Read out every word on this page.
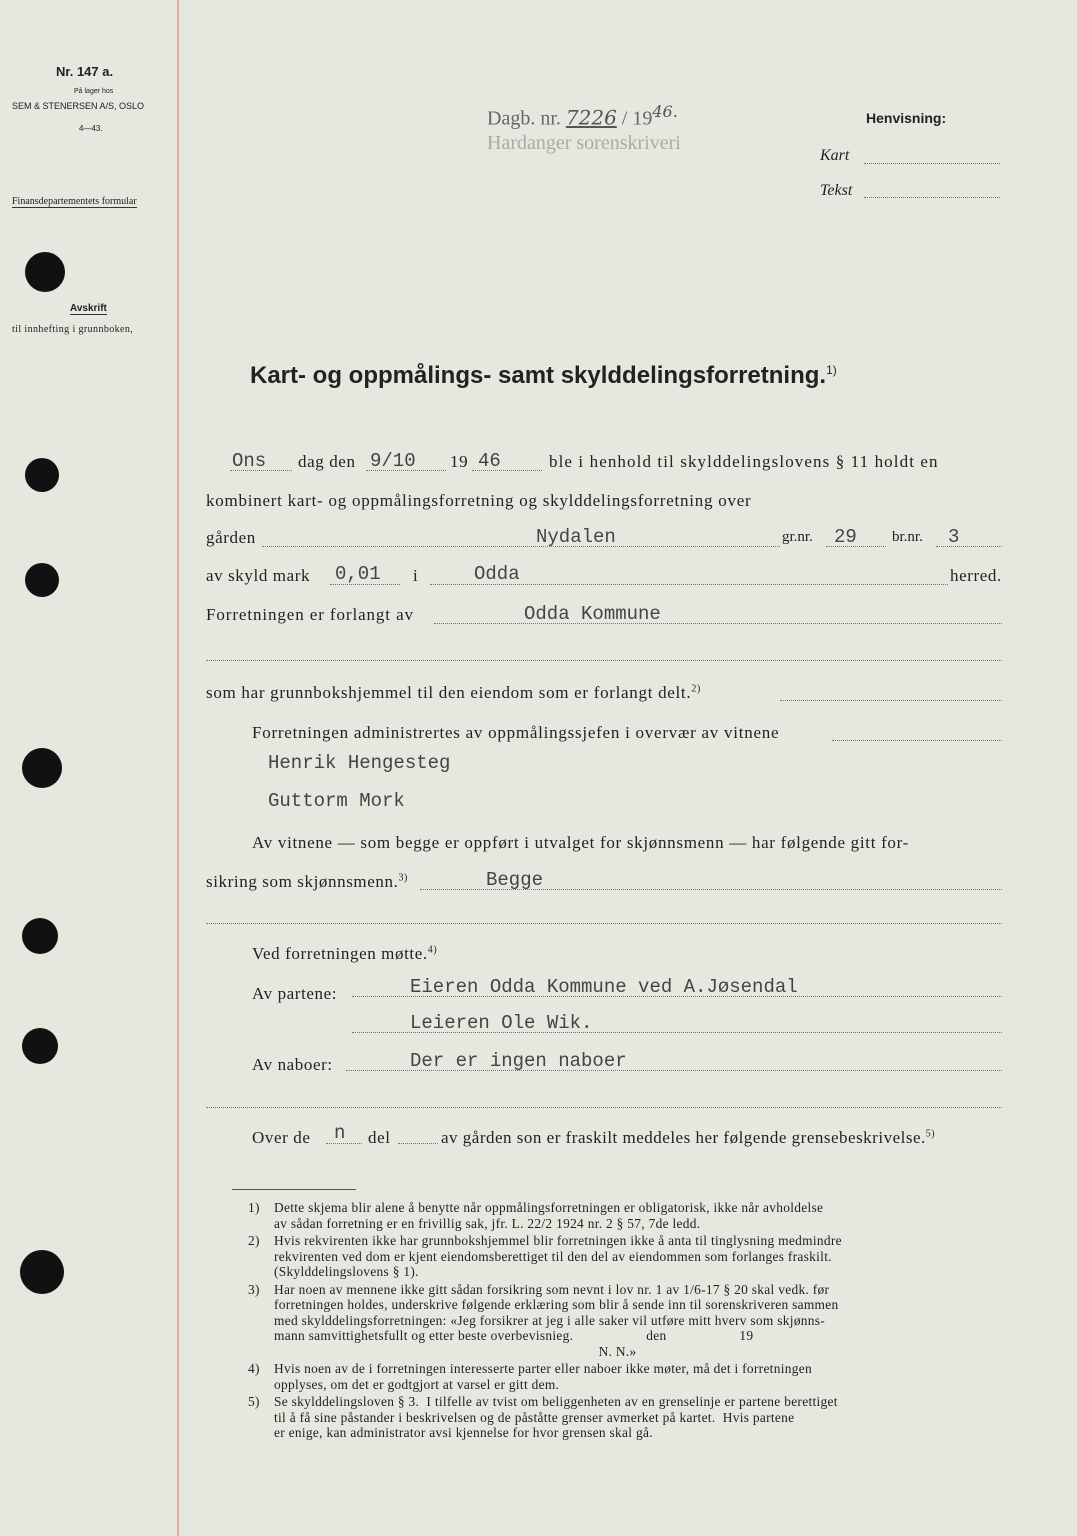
Nr. 147 a.
På lager hos
SEM & STENERSEN A/S, OSLO
4—43.
Finansdepartementets formular
Avskrift
til innhefting i grunnboken,
Dagb. nr. $7226 / 19^{46.}$
Hardanger sorenskriveri
Henvisning:
Kart
Tekst
Kart- og oppmålings- samt skylddelingsforretning.$^{1)}$
Ons dag den 9/10 19 46	ble i henhold til skylddelingslovens § 11 holdt en
kombinert kart- og oppmålingsforretning og skylddelingsforretning over
gården	Nydalen	gr.nr. 29 br.nr. 3
av skyld mark 0,01 i	Odda	herred.
Forretningen er forlangt av	Odda Kommune
som har grunnbokshjemmel til den eiendom som er forlangt delt.$^{2)}$
Forretningen administrertes av oppmålingssjefen i overvær av vitnene
Henrik Hengesteg
Guttorm Mork
Av vitnene — som begge er oppført i utvalget for skjønnsmenn — har følgende gitt for-
sikring som skjønnsmenn.$^{3)}$	Begge
Ved forretningen møtte.$^{4)}$
Av partene:	Eieren Odda Kommune ved A.Jøsendal
Leieren Ole Wik.
Av naboer:	Der er ingen naboer
Over de n del	av gården son er fraskilt meddeles her følgende grensebeskrivelse.$^{5)}$
1)	Dette skjema blir alene å benytte når oppmålingsforretningen er obligatorisk, ikke når avholdelse
av sådan forretning er en frivillig sak, jfr. L. 22/2 1924 nr. 2 § 57, 7de ledd.
2)	Hvis rekvirenten ikke har grunnbokshjemmel blir forretningen ikke å anta til tinglysning medmindre
rekvirenten ved dom er kjent eiendomsberettiget til den del av eiendommen som forlanges fraskilt.
(Skylddelingslovens § 1).
3)	Har noen av mennene ikke gitt sådan forsikring som nevnt i lov nr. 1 av 1/6-17 § 20 skal vedk. før
forretningen holdes, underskrive følgende erklæring som blir å sende inn til sorenskriveren sammen
med skylddelingsforretningen: «Jeg forsikrer at jeg i alle saker vil utføre mitt hverv som skjønns-
mann samvittighetsfullt og etter beste overbevisnieg.                    den                    19
N. N.»
4)	Hvis noen av de i forretningen interesserte parter eller naboer ikke møter, må det i forretningen
opplyses, om det er godtgjort at varsel er gitt dem.
5)	Se skylddelingsloven § 3.  I tilfelle av tvist om beliggenheten av en grenselinje er partene berettiget
til å få sine påstander i beskrivelsen og de påståtte grenser avmerket på kartet.  Hvis partene
er enige, kan administrator avsi kjennelse for hvor grensen skal gå.
